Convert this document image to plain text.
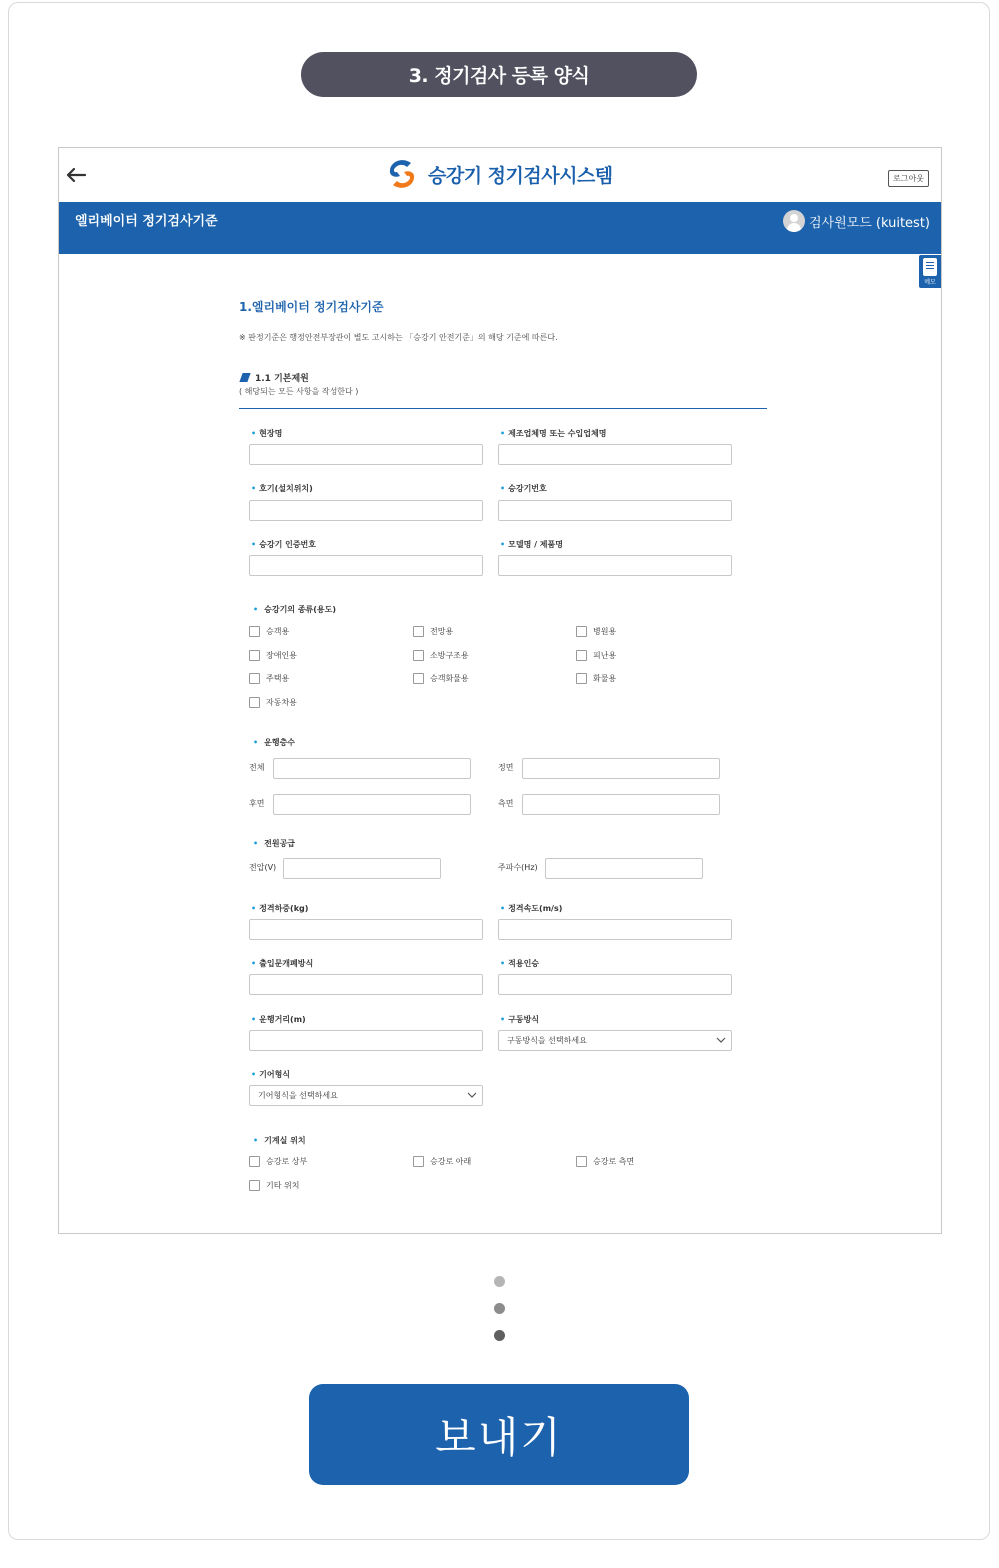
3. 정기검사 등록 양식
승강기 정기검사시스템	로그아웃
엘리베이터 정기검사기준	검사원모드 (kuitest)
메모
1.엘리베이터 정기검사기준
※ 판정기준은 행정안전부장관이 별도 고시하는 「승강기 안전기준」의 해당 기준에 따른다.
1.1 기본제원
( 해당되는 모든 사항을 작성한다 )
• 현장명	• 제조업체명 또는 수입업체명
• 호기(설치위치)	• 승강기번호
• 승강기 인증번호	• 모델명 / 제품명
• 승강기의 종류(용도)
승객용	전망용	병원용
장애인용	소방구조용	피난용
주택용	승객화물용	화물용
자동차용
• 운행층수
전체	정면
후면	측면
• 전원공급
전압(V)	주파수(Hz)
• 정격하중(kg)	• 정격속도(m/s)
• 출입문개폐방식	• 적용인승
• 운행거리(m)	• 구동방식
구동방식을 선택하세요
• 기어형식
기어형식을 선택하세요
• 기계실 위치
승강로 상부	승강로 아래	승강로 측면
기타 위치
보내기
